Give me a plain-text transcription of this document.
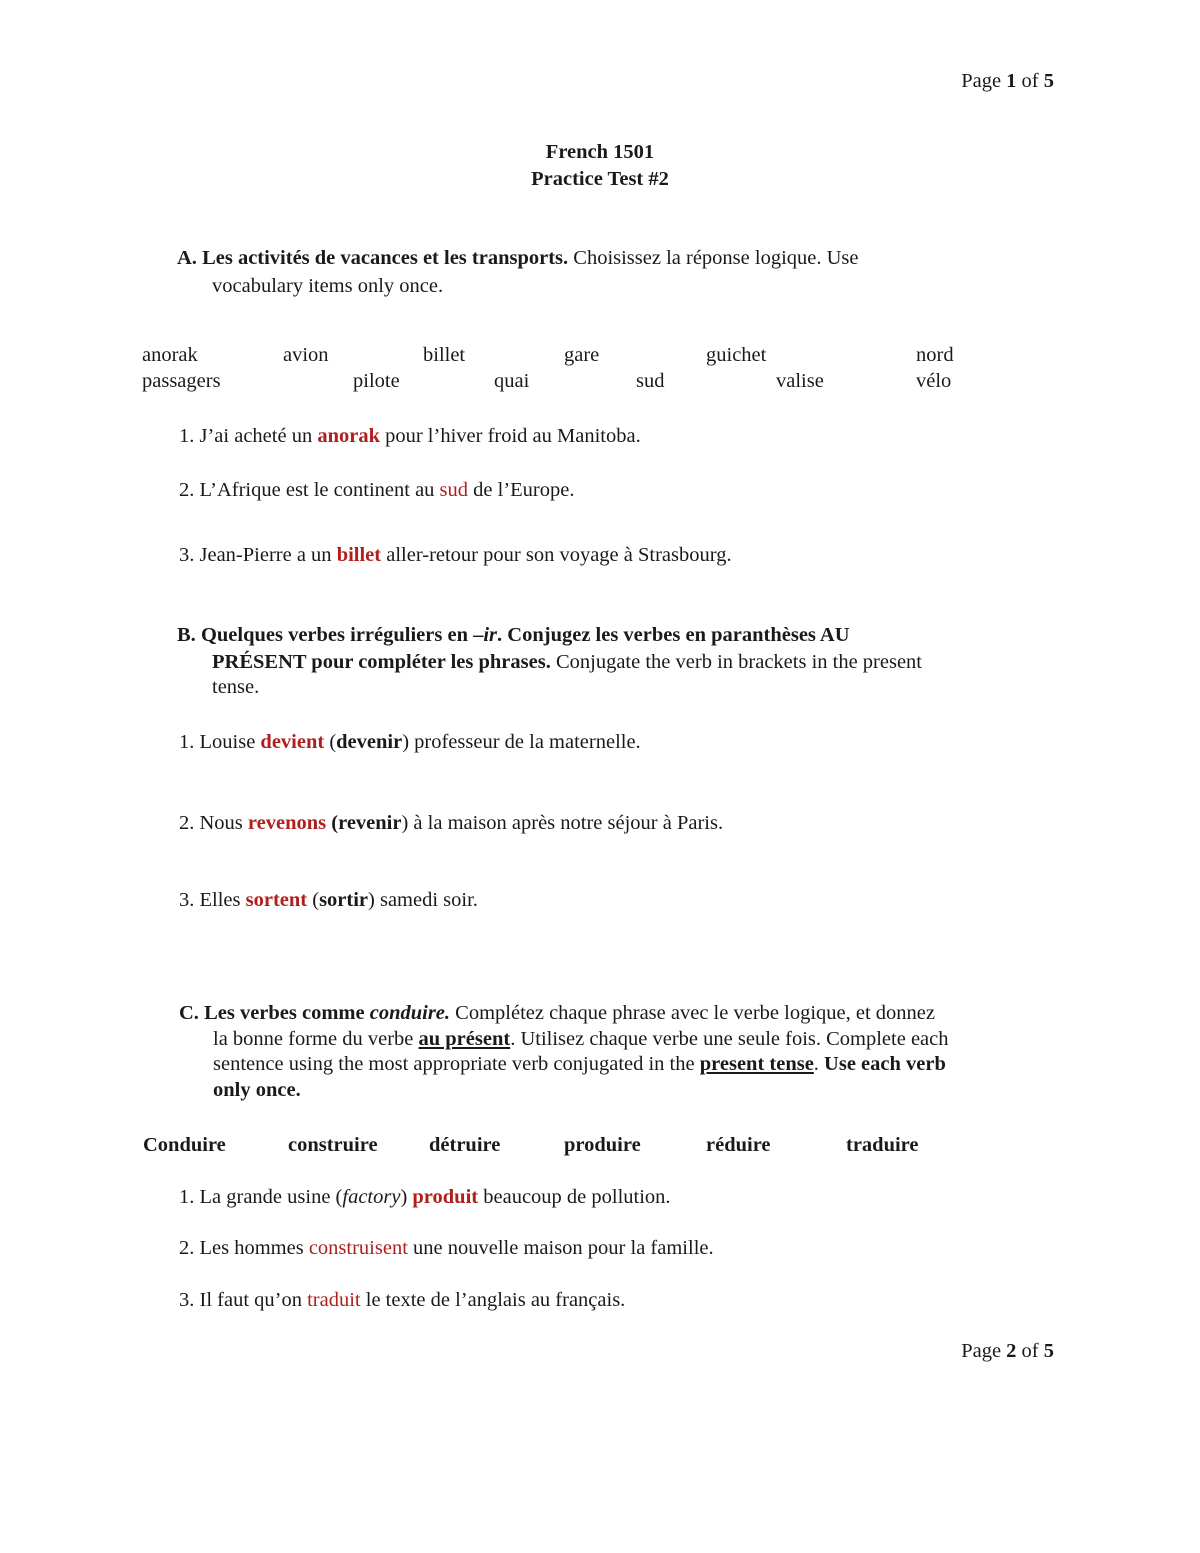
Page 1 of 5
French 1501
Practice Test #2
A. Les activités de vacances et les transports. Choisissez la réponse logique. Use
vocabulary items only once.
anorak	avion	billet	gare	guichet	nord
passagers	pilote	quai	sud	valise	vélo
1. J’ai acheté un anorak pour l’hiver froid au Manitoba.
2. L’Afrique est le continent au sud de l’Europe.
3. Jean-Pierre a un billet aller-retour pour son voyage à Strasbourg.
B. Quelques verbes irréguliers en –ir. Conjugez les verbes en paranthèses AU
PRÉSENT pour compléter les phrases. Conjugate the verb in brackets in the present
tense.
1. Louise devient (devenir) professeur de la maternelle.
2. Nous revenons (revenir) à la maison après notre séjour à Paris.
3. Elles sortent (sortir) samedi soir.
C. Les verbes comme conduire. Complétez chaque phrase avec le verbe logique, et donnez
la bonne forme du verbe au présent. Utilisez chaque verbe une seule fois. Complete each
sentence using the most appropriate verb conjugated in the present tense. Use each verb
only once.
Conduire	construire	détruire	produire	réduire	traduire
1. La grande usine (factory) produit beaucoup de pollution.
2. Les hommes construisent une nouvelle maison pour la famille.
3. Il faut qu’on traduit le texte de l’anglais au français.
Page 2 of 5
